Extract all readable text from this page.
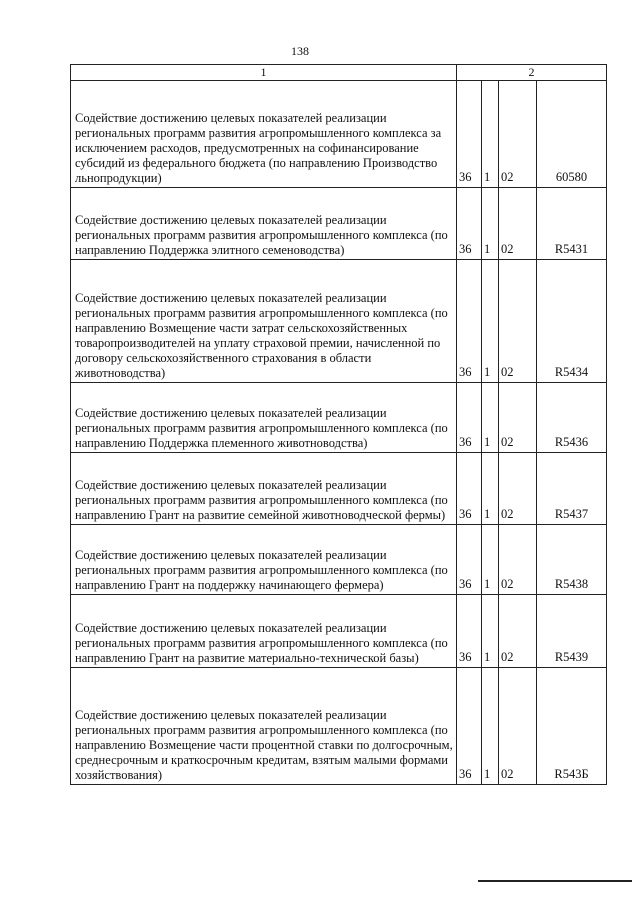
138
1	2			
Содействие достижению целевых показателей реализации региональных программ развития агропромышленного комплекса за исключением расходов, предусмотренных на софинансирование субсидий из федерального бюджета (по направлению Производство льнопродукции)	36	1	02	60580
Содействие достижению целевых показателей реализации региональных программ развития агропромышленного комплекса (по направлению Поддержка элитного семеноводства)	36	1	02	R5431
Содействие достижению целевых показателей реализации региональных программ развития агропромышленного комплекса (по направлению Возмещение части затрат сельскохозяйственных товаропроизводителей на уплату страховой премии, начисленной по договору сельскохозяйственного страхования в области животноводства)	36	1	02	R5434
Содействие достижению целевых показателей реализации региональных программ развития агропромышленного комплекса (по направлению Поддержка племенного животноводства)	36	1	02	R5436
Содействие достижению целевых показателей реализации региональных программ развития агропромышленного комплекса (по направлению Грант на развитие семейной животноводческой фермы)	36	1	02	R5437
Содействие достижению целевых показателей реализации региональных программ развития агропромышленного комплекса (по направлению Грант на поддержку начинающего фермера)	36	1	02	R5438
Содействие достижению целевых показателей реализации региональных программ развития агропромышленного комплекса (по направлению Грант на развитие материально-технической базы)	36	1	02	R5439
Содействие достижению целевых показателей реализации региональных программ развития агропромышленного комплекса (по направлению Возмещение части процентной ставки по долгосрочным, среднесрочным и краткосрочным кредитам, взятым малыми формами хозяйствования)	36	1	02	R543Б
